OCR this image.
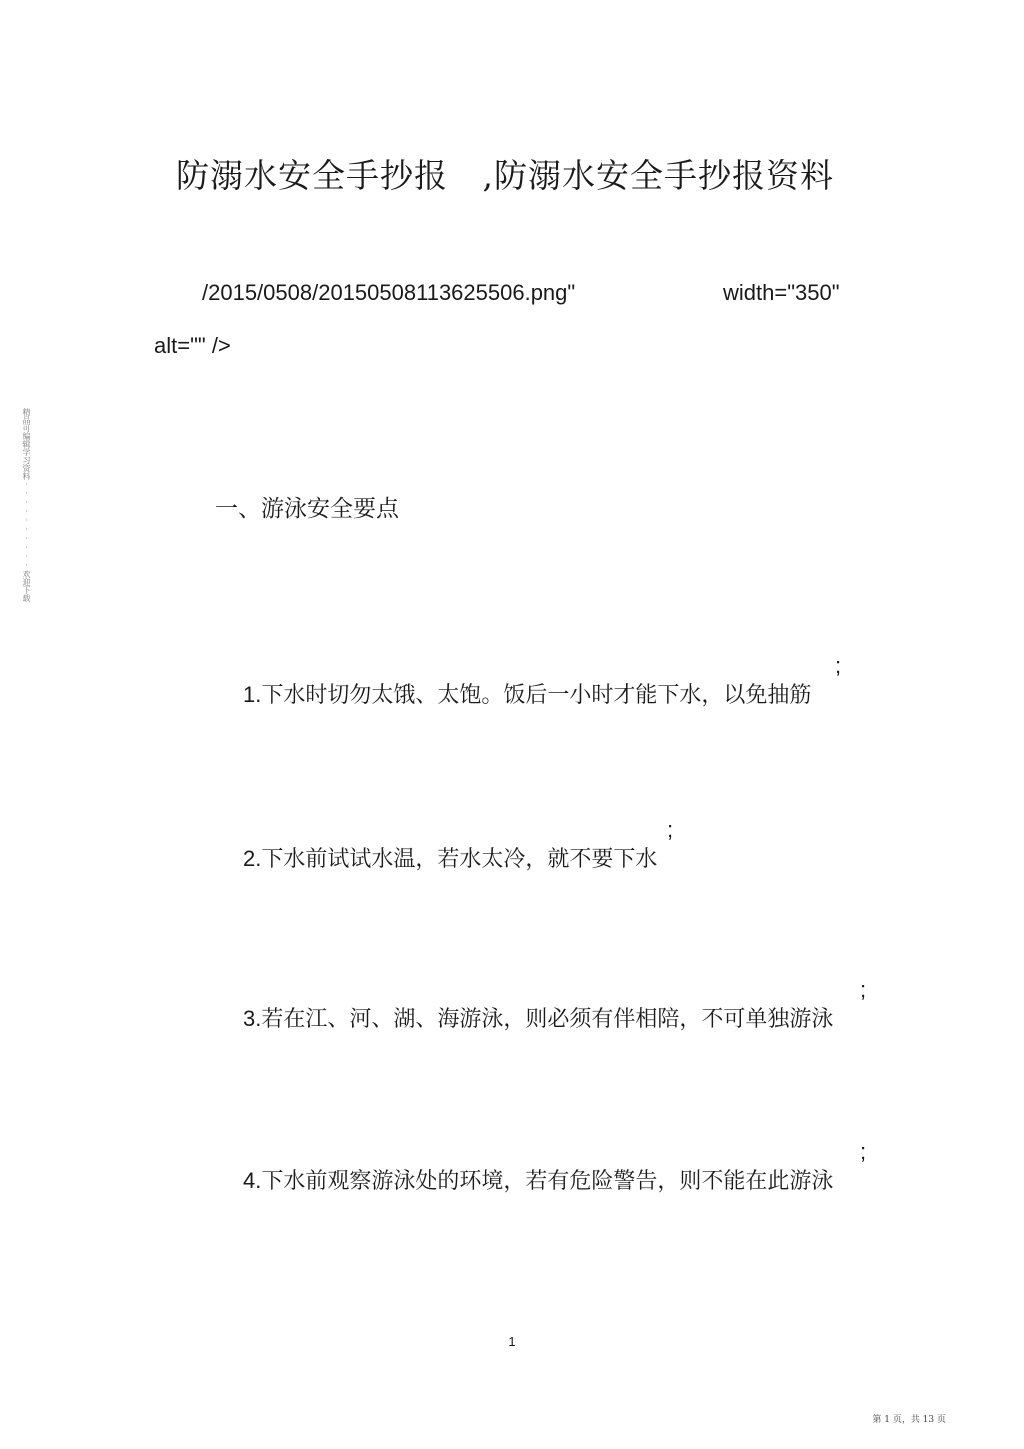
防溺水安全手抄报   ,防溺水安全手抄报资料
/2015/0508/20150508113625506.png"	width="350"
alt="" />
精品可编辑学习资料··········欢迎下载
一、游泳安全要点

1.下水时切勿太饿、太饱。饭后一小时才能下水，以免抽筋
;

2.下水前试试水温，若水太冷，就不要下水
;

3.若在江、河、湖、海游泳，则必须有伴相陪，不可单独游泳
;

4.下水前观察游泳处的环境，若有危险警告，则不能在此游泳
;

1
第 1 页，共 13 页
